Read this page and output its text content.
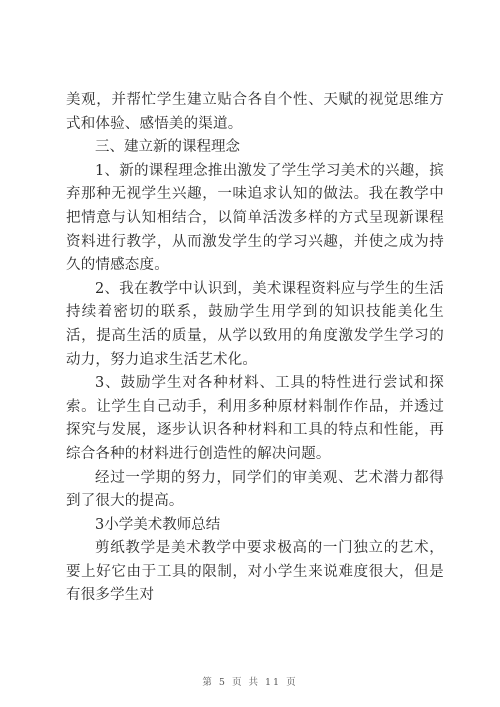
美观，并帮忙学生建立贴合各自个性、天赋的视觉思维方式和体验、感悟美的渠道。

三、建立新的课程理念

1、新的课程理念推出激发了学生学习美术的兴趣，摈弃那种无视学生兴趣，一味追求认知的做法。我在教学中把情意与认知相结合，以简单活泼多样的方式呈现新课程资料进行教学，从而激发学生的学习兴趣，并使之成为持久的情感态度。

2、我在教学中认识到，美术课程资料应与学生的生活持续着密切的联系，鼓励学生用学到的知识技能美化生活，提高生活的质量，从学以致用的角度激发学生学习的动力，努力追求生活艺术化。

3、鼓励学生对各种材料、工具的特性进行尝试和探索。让学生自己动手，利用多种原材料制作作品，并透过探究与发展，逐步认识各种材料和工具的特点和性能，再综合各种的材料进行创造性的解决问题。

经过一学期的努力，同学们的审美观、艺术潜力都得到了很大的提高。

3小学美术教师总结

剪纸教学是美术教学中要求极高的一门独立的艺术，要上好它由于工具的限制，对小学生来说难度很大，但是有很多学生对

第 5 页 共 11 页
